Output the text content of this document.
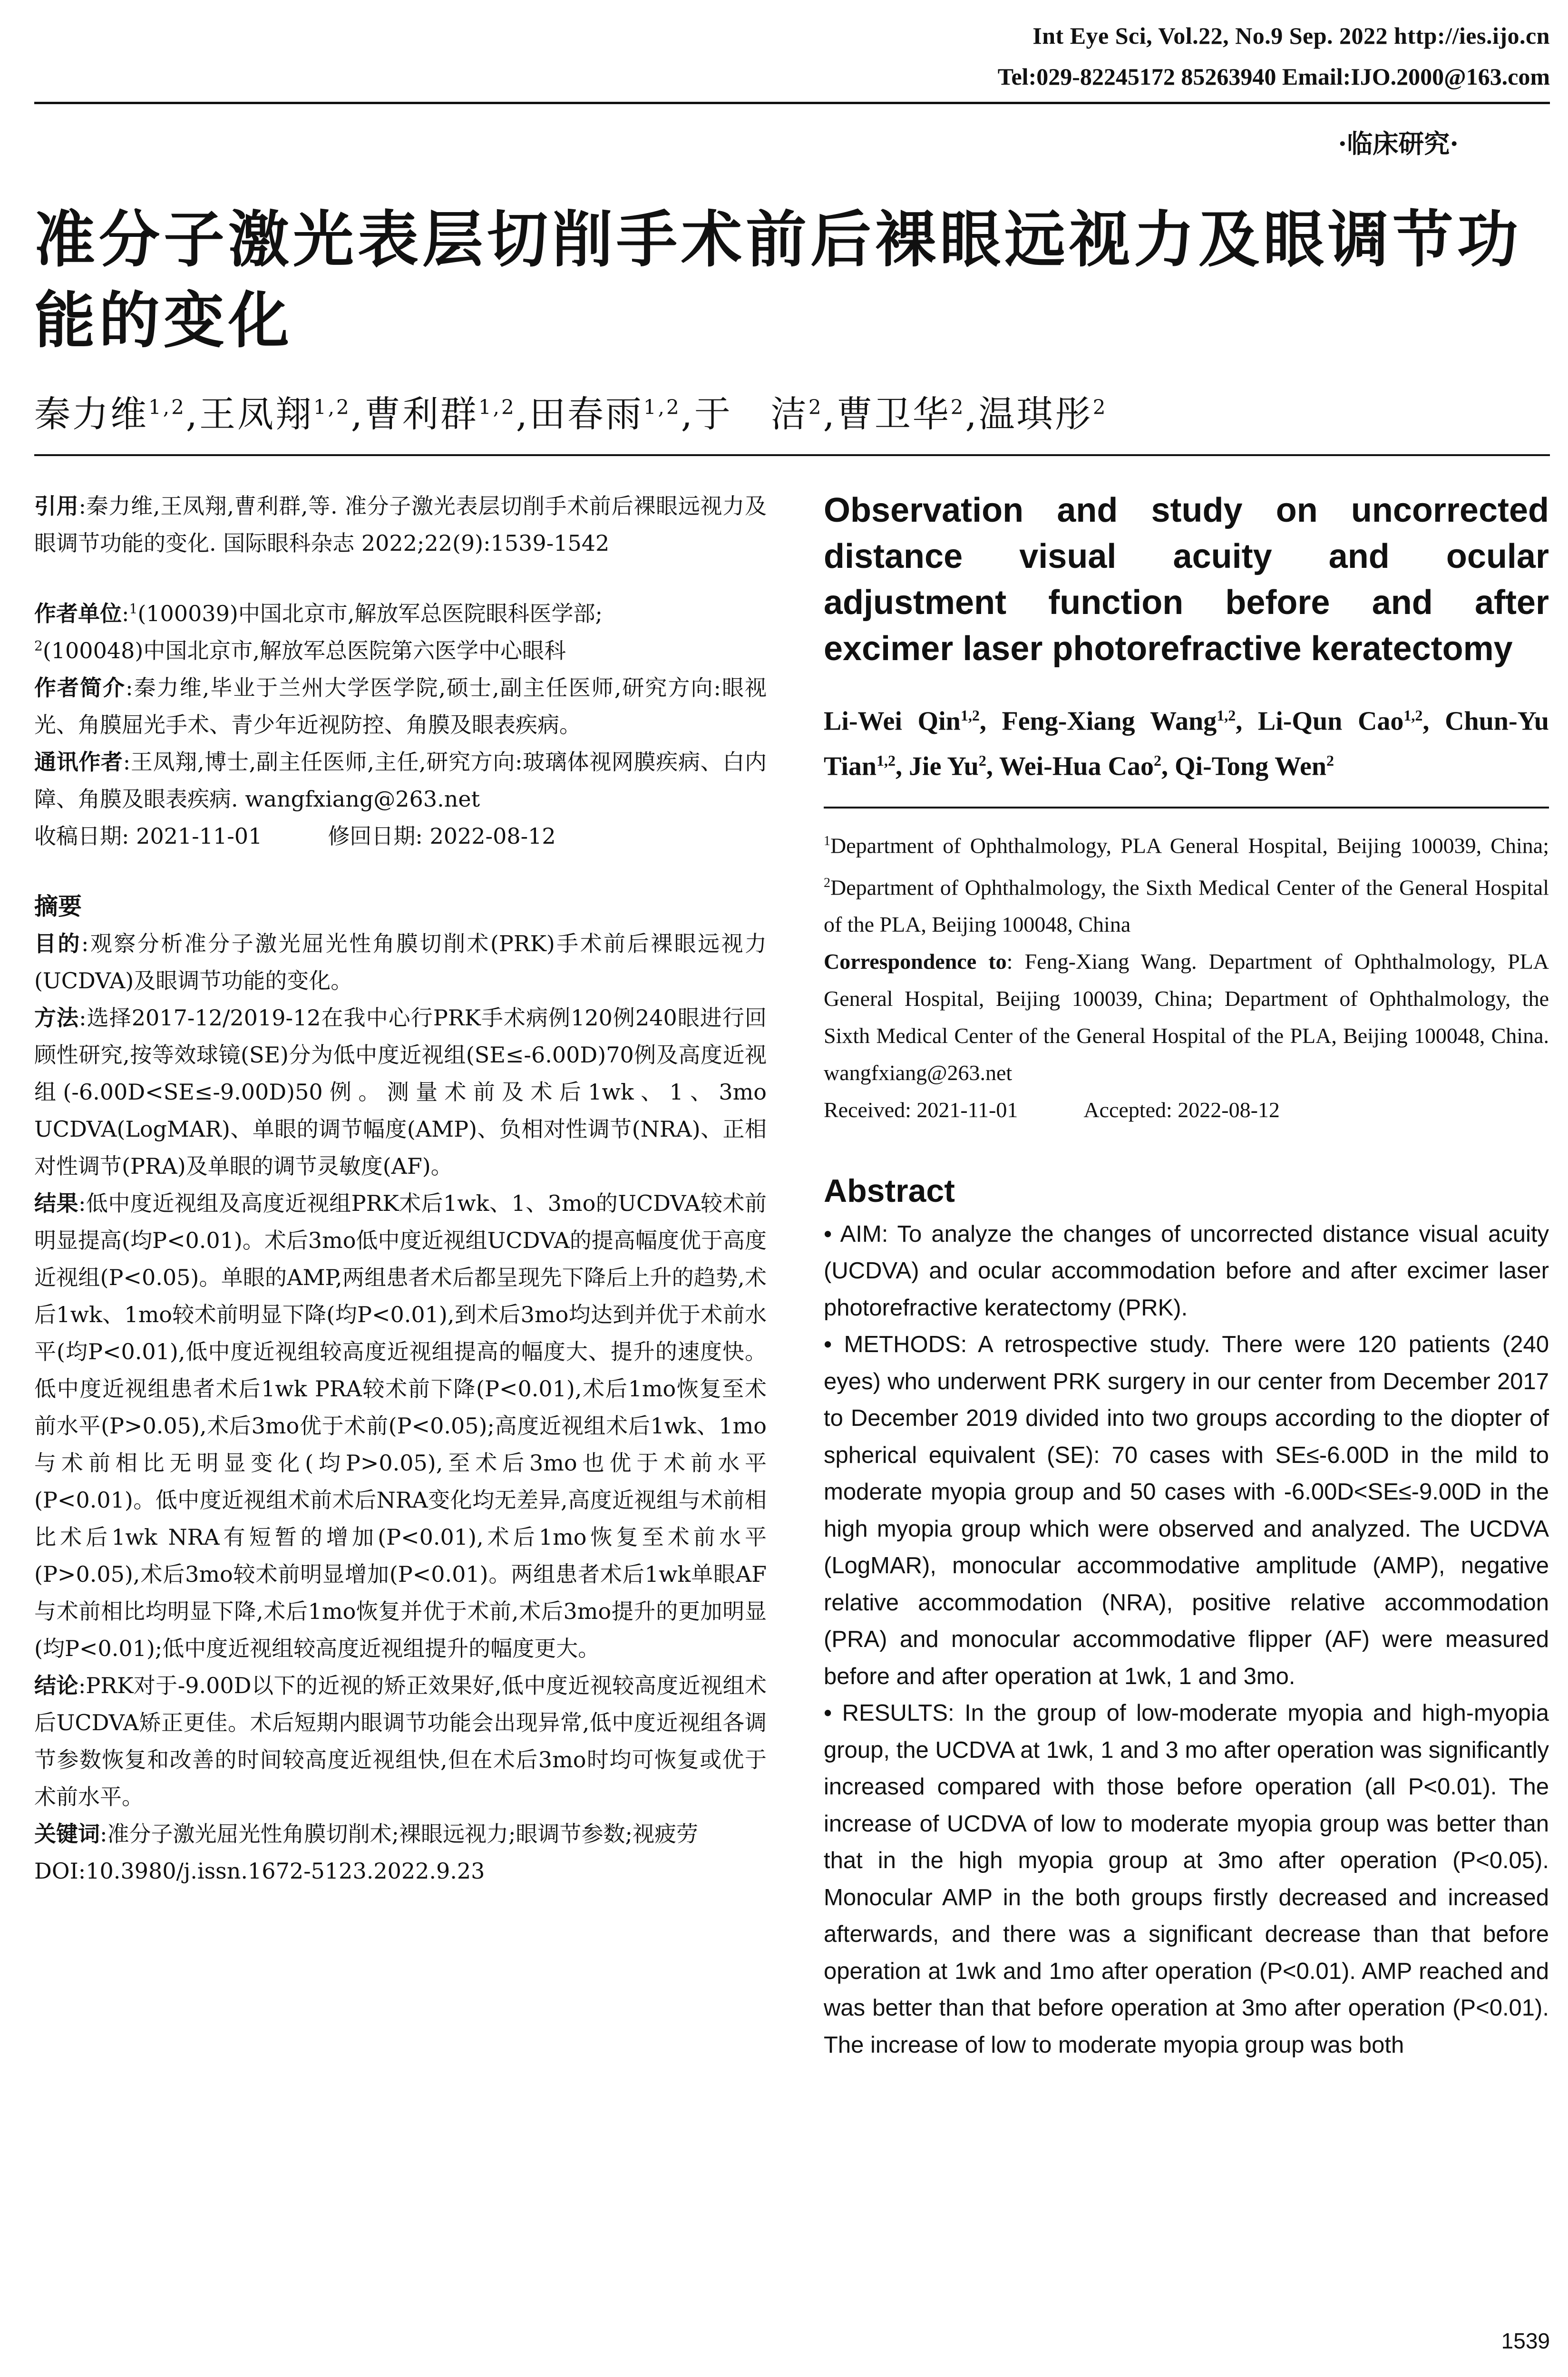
Int Eye Sci, Vol.22, No.9 Sep. 2022 http://ies.ijo.cn
Tel:029-82245172 85263940 Email:IJO.2000@163.com
·临床研究·
准分子激光表层切削手术前后裸眼远视力及眼调节功能的变化
秦力维$^{1,2}$,王凤翔$^{1,2}$,曹利群$^{1,2}$,田春雨$^{1,2}$,于　洁$^2$,曹卫华$^2$,温琪彤$^2$

引用:秦力维,王凤翔,曹利群,等. 准分子激光表层切削手术前后裸眼远视力及眼调节功能的变化. 国际眼科杂志 2022;22(9):1539-1542

作者单位:$^1$(100039)中国北京市,解放军总医院眼科医学部;
$^2$(100048)中国北京市,解放军总医院第六医学中心眼科

作者简介:秦力维,毕业于兰州大学医学院,硕士,副主任医师,研究方向:眼视光、角膜屈光手术、青少年近视防控、角膜及眼表疾病。

通讯作者:王凤翔,博士,副主任医师,主任,研究方向:玻璃体视网膜疾病、白内障、角膜及眼表疾病. wangfxiang@263.net

收稿日期: 2021-11-01　　　修回日期: 2022-08-12

摘要

目的:观察分析准分子激光屈光性角膜切削术(PRK)手术前后裸眼远视力(UCDVA)及眼调节功能的变化。

方法:选择2017-12/2019-12在我中心行PRK手术病例120例240眼进行回顾性研究,按等效球镜(SE)分为低中度近视组(SE≤-6.00D)70例及高度近视组(-6.00D<SE≤-9.00D)50例。测量术前及术后1wk、1、3mo UCDVA(LogMAR)、单眼的调节幅度(AMP)、负相对性调节(NRA)、正相对性调节(PRA)及单眼的调节灵敏度(AF)。

结果:低中度近视组及高度近视组PRK术后1wk、1、3mo的UCDVA较术前明显提高(均P<0.01)。术后3mo低中度近视组UCDVA的提高幅度优于高度近视组(P<0.05)。单眼的AMP,两组患者术后都呈现先下降后上升的趋势,术后1wk、1mo较术前明显下降(均P<0.01),到术后3mo均达到并优于术前水平(均P<0.01),低中度近视组较高度近视组提高的幅度大、提升的速度快。低中度近视组患者术后1wk PRA较术前下降(P<0.01),术后1mo恢复至术前水平(P>0.05),术后3mo优于术前(P<0.05);高度近视组术后1wk、1mo与术前相比无明显变化(均P>0.05),至术后3mo也优于术前水平(P<0.01)。低中度近视组术前术后NRA变化均无差异,高度近视组与术前相比术后1wk NRA有短暂的增加(P<0.01),术后1mo恢复至术前水平(P>0.05),术后3mo较术前明显增加(P<0.01)。两组患者术后1wk单眼AF与术前相比均明显下降,术后1mo恢复并优于术前,术后3mo提升的更加明显(均P<0.01);低中度近视组较高度近视组提升的幅度更大。

结论:PRK对于-9.00D以下的近视的矫正效果好,低中度近视较高度近视组术后UCDVA矫正更佳。术后短期内眼调节功能会出现异常,低中度近视组各调节参数恢复和改善的时间较高度近视组快,但在术后3mo时均可恢复或优于术前水平。

关键词:准分子激光屈光性角膜切削术;裸眼远视力;眼调节参数;视疲劳

DOI:10.3980/j.issn.1672-5123.2022.9.23

Observation and study on uncorrected distance visual acuity and ocular adjustment function before and after excimer laser photorefractive keratectomy
Li-Wei Qin$^{1,2}$, Feng-Xiang Wang$^{1,2}$, Li-Qun Cao$^{1,2}$, Chun-Yu Tian$^{1,2}$, Jie Yu$^2$, Wei-Hua Cao$^2$, Qi-Tong Wen$^2$

$^1$Department of Ophthalmology, PLA General Hospital, Beijing 100039, China; $^2$Department of Ophthalmology, the Sixth Medical Center of the General Hospital of the PLA, Beijing 100048, China

Correspondence to: Feng-Xiang Wang. Department of Ophthalmology, PLA General Hospital, Beijing 100039, China; Department of Ophthalmology, the Sixth Medical Center of the General Hospital of the PLA, Beijing 100048, China. wangfxiang@263.net

Received: 2021-11-01　　　Accepted: 2022-08-12

Abstract

• AIM: To analyze the changes of uncorrected distance visual acuity (UCDVA) and ocular accommodation before and after excimer laser photorefractive keratectomy (PRK).

• METHODS: A retrospective study. There were 120 patients (240 eyes) who underwent PRK surgery in our center from December 2017 to December 2019 divided into two groups according to the diopter of spherical equivalent (SE): 70 cases with SE≤-6.00D in the mild to moderate myopia group and 50 cases with -6.00D<SE≤-9.00D in the high myopia group which were observed and analyzed. The UCDVA (LogMAR), monocular accommodative amplitude (AMP), negative relative accommodation (NRA), positive relative accommodation (PRA) and monocular accommodative flipper (AF) were measured before and after operation at 1wk, 1 and 3mo.

• RESULTS: In the group of low-moderate myopia and high-myopia group, the UCDVA at 1wk, 1 and 3 mo after operation was significantly increased compared with those before operation (all P<0.01). The increase of UCDVA of low to moderate myopia group was better than that in the high myopia group at 3mo after operation (P<0.05). Monocular AMP in the both groups firstly decreased and increased afterwards, and there was a significant decrease than that before operation at 1wk and 1mo after operation (P<0.01). AMP reached and was better than that before operation at 3mo after operation (P<0.01). The increase of low to moderate myopia group was both

1539
